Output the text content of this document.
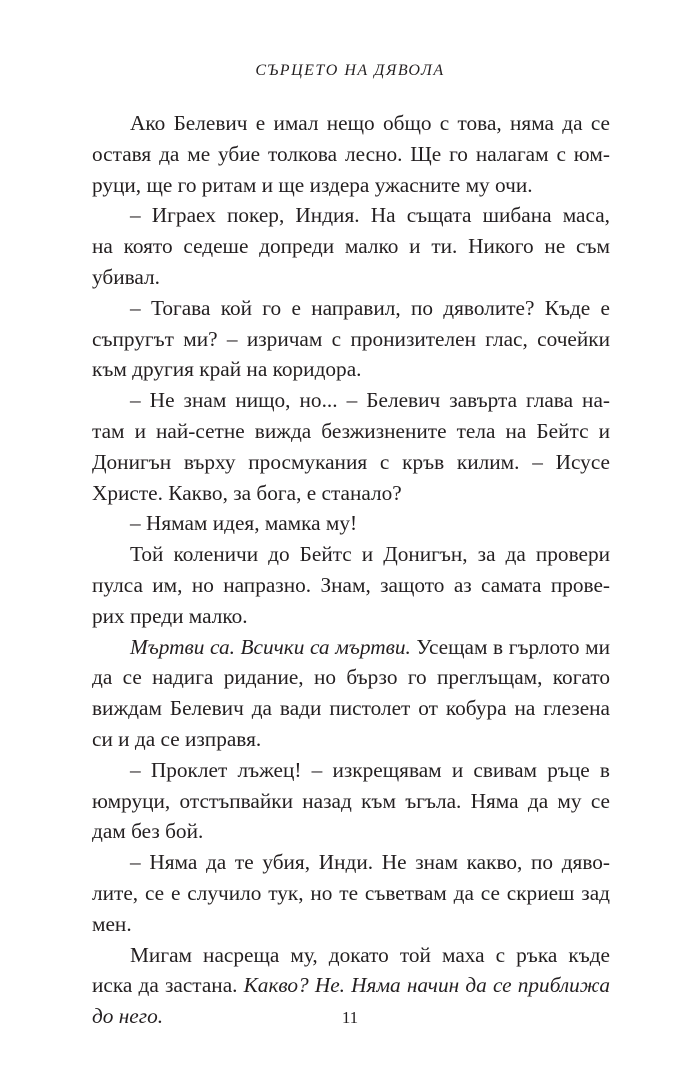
СЪРЦЕТО НА ДЯВОЛА
Ако Белевич е имал нещо общо с това, няма да се
оставя да ме убие толкова лесно. Ще го налагам с юм-
руци, ще го ритам и ще издера ужасните му очи.
– Играех покер, Индия. На същата шибана маса,
на която седеше допреди малко и ти. Никого не съм
убивал.
– Тогава кой го е направил, по дяволите? Къде е
съпругът ми? – изричам с пронизителен глас, сочейки
към другия край на коридора.
– Не знам нищо, но... – Белевич завърта глава на-
там и най-сетне вижда безжизнените тела на Бейтс и
Донигън върху просмукания с кръв килим. – Исусе
Христе. Какво, за бога, е станало?
– Нямам идея, мамка му!
Той коленичи до Бейтс и Донигън, за да провери
пулса им, но напразно. Знам, защото аз самата прове-
рих преди малко.
Мъртви са. Всички са мъртви. Усещам в гърлото ми
да се надига ридание, но бързо го преглъщам, когато
виждам Белевич да вади пистолет от кобура на глезена
си и да се изправя.
– Проклет лъжец! – изкрещявам и свивам ръце в
юмруци, отстъпвайки назад към ъгъла. Няма да му се
дам без бой.
– Няма да те убия, Инди. Не знам какво, по дяво-
лите, се е случило тук, но те съветвам да се скриеш зад
мен.
Мигам насреща му, докато той маха с ръка къде
иска да застана. Какво? Не. Няма начин да се приближа
до него.	11
